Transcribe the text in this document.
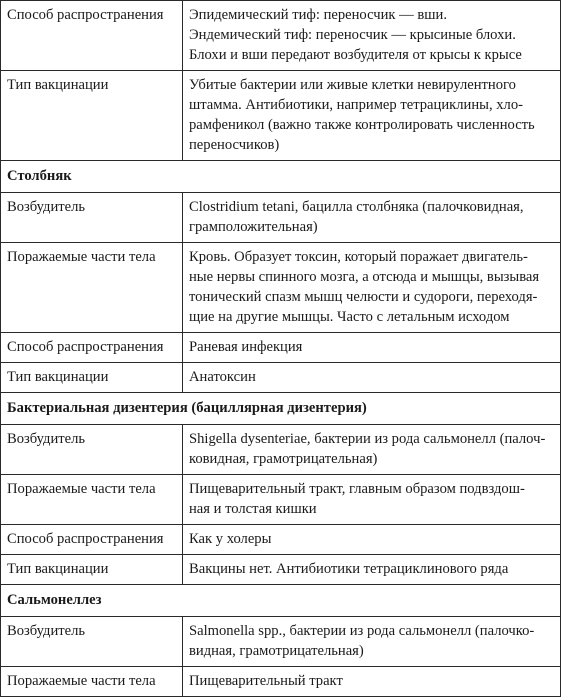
Способ распространения	Эпидемический тиф: переносчик — вши.
Эндемический тиф: переносчик — крысиные блохи.
Блохи и вши передают возбудителя от крысы к крысе

Тип вакцинации	Убитые бактерии или живые клетки невирулентного
штамма. Антибиотики, например тетрациклины, хло-
рамфеникол (важно также контролировать численность
переносчиков)

Столбняк	
Возбудитель	Clostridium tetani, бацилла столбняка (палочковидная,
грамположительная)

Поражаемые части тела	Кровь. Образует токсин, который поражает двигатель-
ные нервы спинного мозга, а отсюда и мышцы, вызывая
тонический спазм мышц челюсти и судороги, переходя-
щие на другие мышцы. Часто с летальным исходом

Способ распространения	Раневая инфекция

Тип вакцинации	Анатоксин

Бактериальная дизентерия (бациллярная дизентерия)	
Возбудитель	Shigella dysenteriae, бактерии из рода сальмонелл (палоч-
ковидная, грамотрицательная)

Поражаемые части тела	Пищеварительный тракт, главным образом подвздош-
ная и толстая кишки

Способ распространения	Как у холеры

Тип вакцинации	Вакцины нет. Антибиотики тетрациклинового ряда

Сальмонеллез	
Возбудитель	Salmonella spp., бактерии из рода сальмонелл (палочко-
видная, грамотрицательная)

Поражаемые части тела	Пищеварительный тракт
